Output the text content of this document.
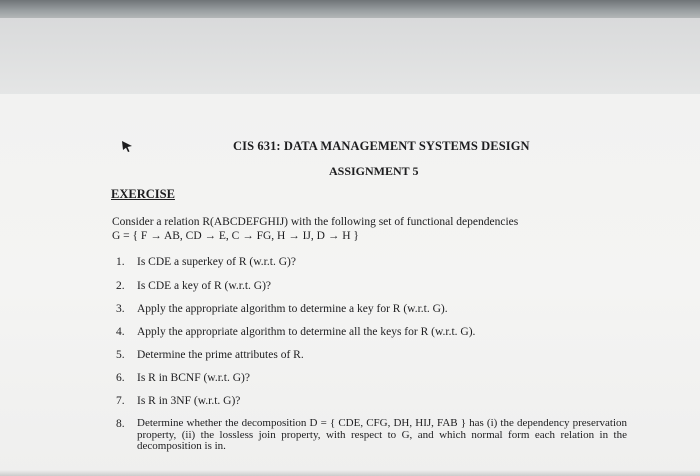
CIS 631: DATA MANAGEMENT SYSTEMS DESIGN
ASSIGNMENT 5
EXERCISE
Consider a relation R(ABCDEFGHIJ) with the following set of functional dependencies
G = { F → AB, CD → E, C → FG, H → IJ, D → H }
1.	Is CDE a superkey of R (w.r.t. G)?
2.	Is CDE a key of R (w.r.t. G)?
3.	Apply the appropriate algorithm to determine a key for R (w.r.t. G).
4.	Apply the appropriate algorithm to determine all the keys for R (w.r.t. G).
5.	Determine the prime attributes of R.
6.	Is R in BCNF (w.r.t. G)?
7.	Is R in 3NF (w.r.t. G)?
8.	Determine whether the decomposition D = { CDE, CFG, DH, HIJ, FAB } has (i) the dependency preservation property, (ii) the lossless join property, with respect to G, and which normal form each relation in the decomposition is in.
